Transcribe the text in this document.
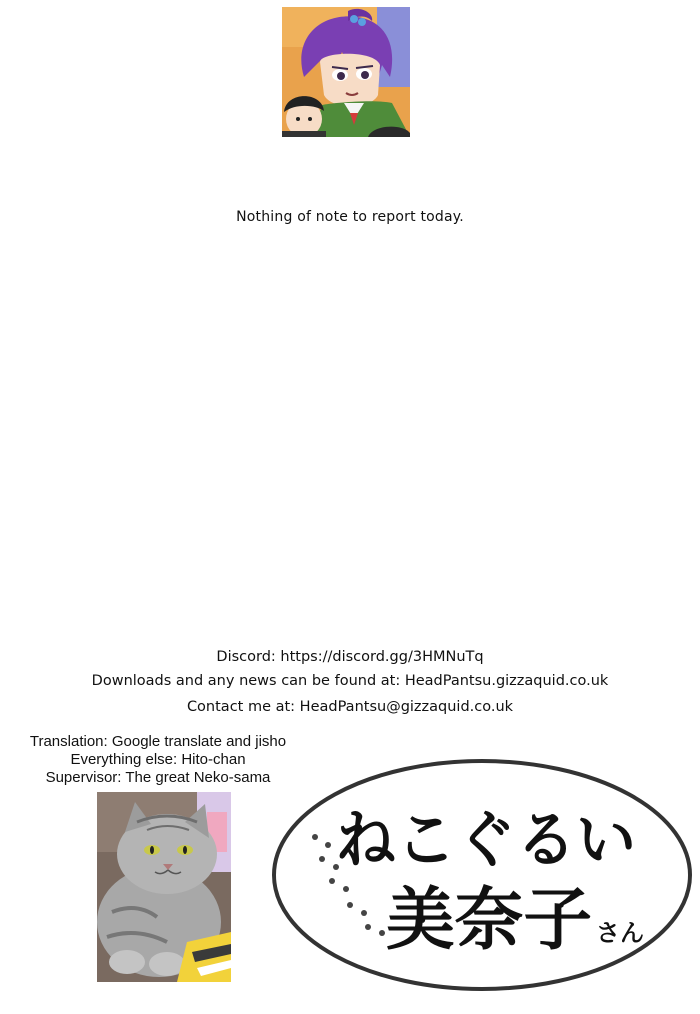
Nothing of note to report today.
Discord: https://discord.gg/3HMNuTq
Downloads and any news can be found at: HeadPantsu.gizzaquid.co.uk
Contact me at: HeadPantsu@gizzaquid.co.uk
Translation: Google translate and jisho
Everything else: Hito-chan
Supervisor: The great Neko-sama
ねこぐるい
美奈子 さん
